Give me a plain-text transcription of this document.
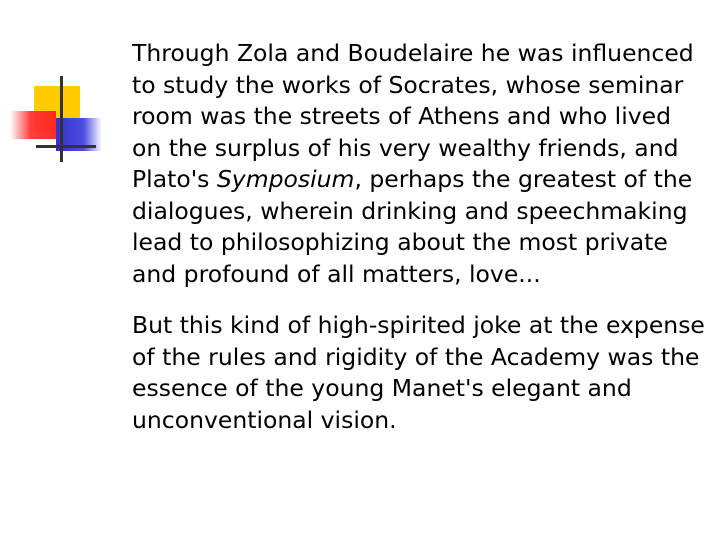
Through Zola and Boudelaire he was influenced to study the works of Socrates, whose seminar room was the streets of Athens and who lived on the surplus of his very wealthy friends, and Plato's Symposium, perhaps the greatest of the dialogues, wherein drinking and speechmaking lead to philosophizing about the most private and profound of all matters, love...

But this kind of high-spirited joke at the expense of the rules and rigidity of the Academy was the essence of the young Manet's elegant and unconventional vision.
